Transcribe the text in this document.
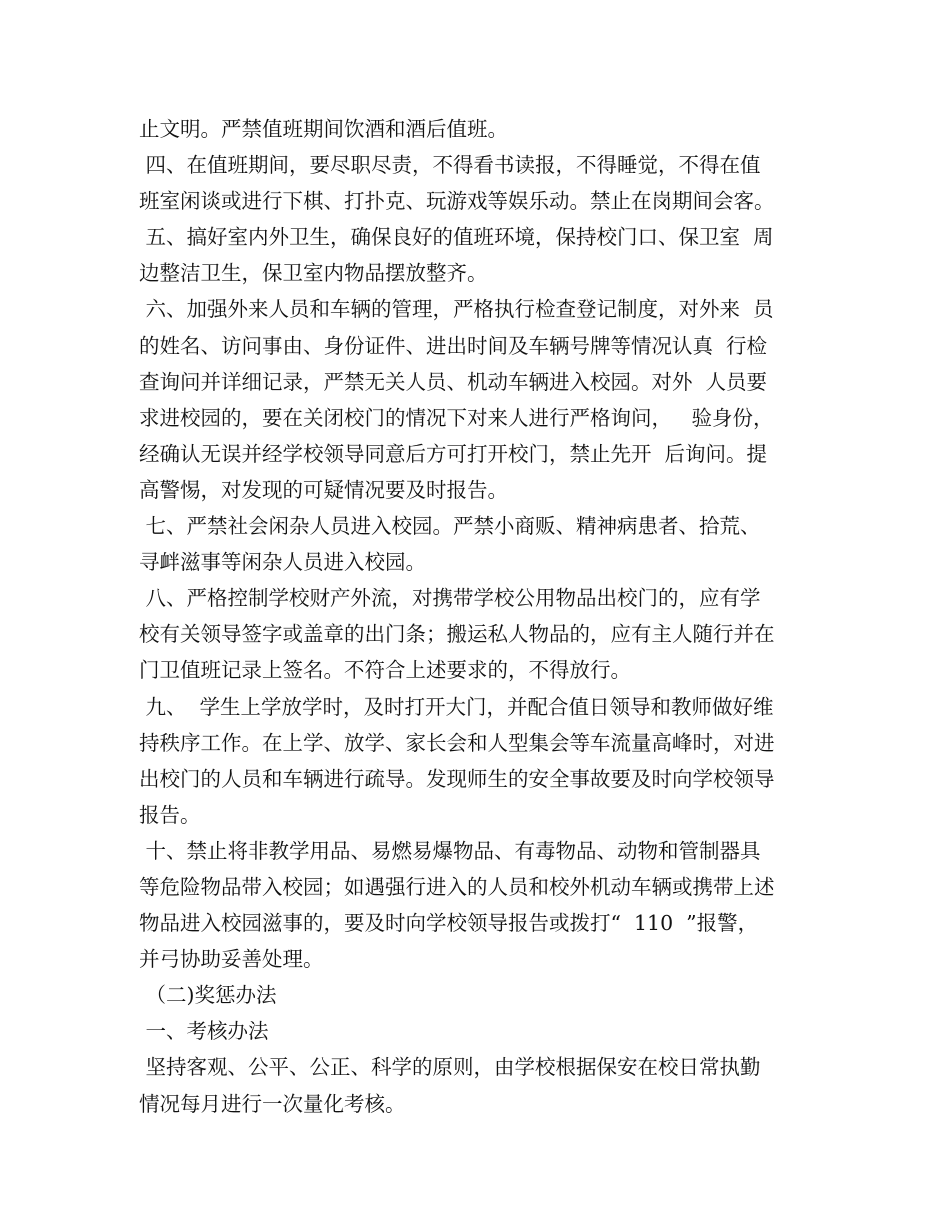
止文明。严禁值班期间饮酒和酒后值班。
四、在值班期间，要尽职尽责，不得看书读报，不得睡觉，不得在值
班室闲谈或进行下棋、打扑克、玩游戏等娱乐动。禁止在岗期间会客。
五、搞好室内外卫生，确保良好的值班环境，保持校门口、保卫室  周
边整洁卫生，保卫室内物品摆放整齐。
六、加强外来人员和车辆的管理，严格执行检查登记制度，对外来  员
的姓名、访问事由、身份证件、进出时间及车辆号牌等情况认真  行检
查询问并详细记录，严禁无关人员、机动车辆进入校园。对外  人员要
求进校园的，要在关闭校门的情况下对来人进行严格询问，   验身份，
经确认无误并经学校领导同意后方可打开校门，禁止先开  后询问。提
高警惕，对发现的可疑情况要及时报告。
七、严禁社会闲杂人员进入校园。严禁小商贩、精神病患者、拾荒、
寻衅滋事等闲杂人员进入校园。
八、严格控制学校财产外流，对携带学校公用物品出校门的，应有学
校有关领导签字或盖章的出门条；搬运私人物品的，应有主人随行并在
门卫值班记录上签名。不符合上述要求的，不得放行。
九、  学生上学放学时，及时打开大门，并配合值日领导和教师做好维
持秩序工作。在上学、放学、家长会和人型集会等车流量高峰时，对进
出校门的人员和车辆进行疏导。发现师生的安全事故要及时向学校领导
报告。
十、禁止将非教学用品、易燃易爆物品、有毒物品、动物和管制器具
等危险物品带入校园；如遇强行进入的人员和校外机动车辆或携带上述
物品进入校园滋事的，要及时向学校领导报告或拨打“  110  ”报警，
并弓协助妥善处理。
（二)奖惩办法
一、考核办法
坚持客观、公平、公正、科学的原则，由学校根据保安在校日常执勤
情况每月进行一次量化考核。
